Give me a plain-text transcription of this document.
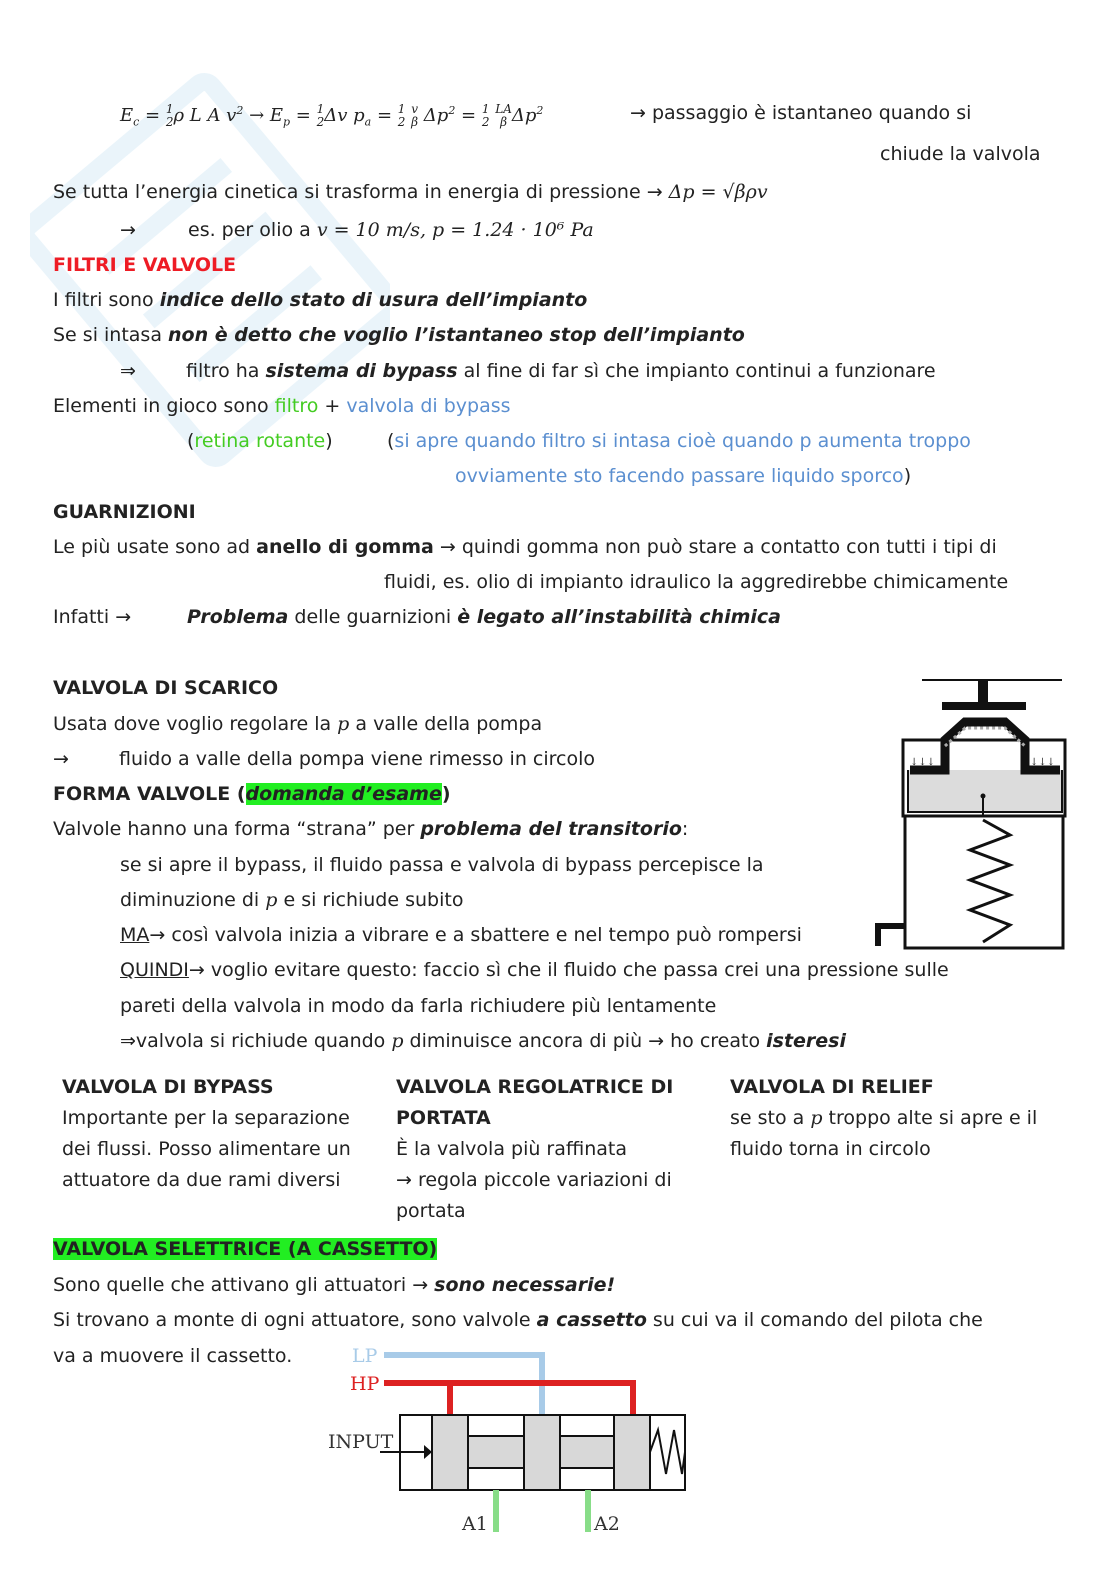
$E_c = 1$
2ρ L A $v^2 \to E_p = 1$
2Δv $p_a = 1$
2 v
β $\Delta p^2 = 1$
2 LA
β $\Delta p^2$	→ passaggio è istantaneo quando si
chiude la valvola
Se tutta l’energia cinetica si trasforma in energia di pressione → Δp = √βρv
→	es. per olio a v = 10 m/s, p = 1.24 · 10⁶ Pa
FILTRI E VALVOLE
I filtri sono indice dello stato di usura dell’impianto
Se si intasa non è detto che voglio l’istantaneo stop dell’impianto
⇒	filtro ha sistema di bypass al fine di far sì che impianto continui a funzionare
Elementi in gioco sono filtro + valvola di bypass
(retina rotante)	(si apre quando filtro si intasa cioè quando p aumenta troppo
ovviamente sto facendo passare liquido sporco)
GUARNIZIONI
Le più usate sono ad anello di gomma → quindi gomma non può stare a contatto con tutti i tipi di
fluidi, es. olio di impianto idraulico la aggredirebbe chimicamente
Infatti →	Problema delle guarnizioni è legato all’instabilità chimica
VALVOLA DI SCARICO
Usata dove voglio regolare la p a valle della pompa
→	fluido a valle della pompa viene rimesso in circolo
FORMA VALVOLE (domanda d’esame)
Valvole hanno una forma “strana” per problema del transitorio:
se si apre il bypass, il fluido passa e valvola di bypass percepisce la
diminuzione di p e si richiude subito
MA→ così valvola inizia a vibrare e a sbattere e nel tempo può rompersi
QUINDI→ voglio evitare questo: faccio sì che il fluido che passa crei una pressione sulle
pareti della valvola in modo da farla richiudere più lentamente
⇒valvola si richiude quando p diminuisce ancora di più → ho creato isteresi
↓↓↓	↓↓↓
VALVOLA DI BYPASS
Importante per la separazione dei flussi. Posso alimentare un attuatore da due rami diversi
VALVOLA REGOLATRICE DI PORTATA
È la valvola più raffinata
→ regola piccole variazioni di portata
VALVOLA DI RELIEF
se sto a p troppo alte si apre e il fluido torna in circolo
VALVOLA SELETTRICE (A CASSETTO)
Sono quelle che attivano gli attuatori → sono necessarie!
Si trovano a monte di ogni attuatore, sono valvole a cassetto su cui va il comando del pilota che
va a muovere il cassetto.	LP
HP
INPUT
A1	A2
